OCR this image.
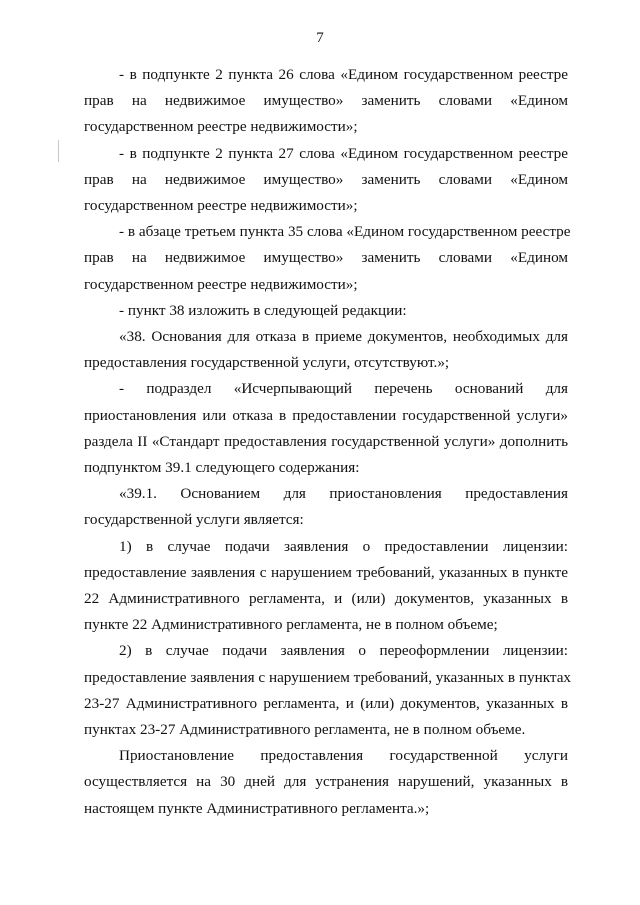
7

- в подпункте 2 пункта 26 слова «Едином государственном реестре
прав на недвижимое имущество» заменить словами «Едином
государственном реестре недвижимости»;

- в подпункте 2 пункта 27 слова «Едином государственном реестре
прав на недвижимое имущество» заменить словами «Едином
государственном реестре недвижимости»;

- в абзаце третьем пункта 35 слова «Едином государственном реестре
прав на недвижимое имущество» заменить словами «Едином
государственном реестре недвижимости»;

- пункт 38 изложить в следующей редакции:

«38. Основания для отказа в приеме документов, необходимых для
предоставления государственной услуги, отсутствуют.»;

- подраздел «Исчерпывающий перечень оснований для
приостановления или отказа в предоставлении государственной услуги»
раздела II «Стандарт предоставления государственной услуги» дополнить
подпунктом 39.1 следующего содержания:

«39.1. Основанием для приостановления предоставления
государственной услуги является:

1) в случае подачи заявления о предоставлении лицензии:
предоставление заявления с нарушением требований, указанных в пункте
22 Административного регламента, и (или) документов, указанных в
пункте 22 Административного регламента, не в полном объеме;

2) в случае подачи заявления о переоформлении лицензии:
предоставление заявления с нарушением требований, указанных в пунктах
23-27 Административного регламента, и (или) документов, указанных в
пунктах 23-27 Административного регламента, не в полном объеме.

Приостановление предоставления государственной услуги
осуществляется на 30 дней для устранения нарушений, указанных в
настоящем пункте Административного регламента.»;
